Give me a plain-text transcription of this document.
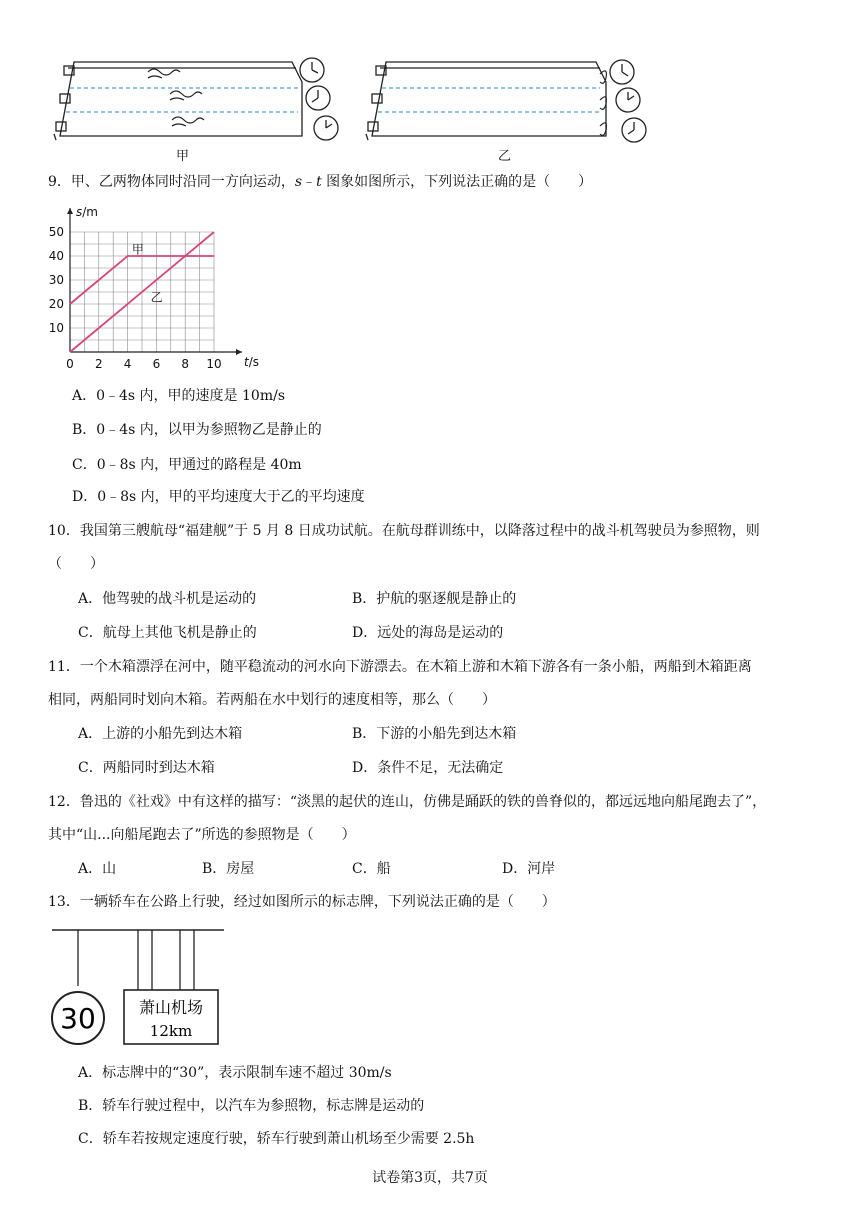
甲	乙
9．甲、乙两物体同时沿同一方向运动，s﹣t 图象如图所示，下列说法正确的是（　　）
0 2 4 6 8 10
10
20
30
40
50
s/m
t/s
甲
乙
A．0﹣4s 内，甲的速度是 10m/s
B．0﹣4s 内，以甲为参照物乙是静止的
C．0﹣8s 内，甲通过的路程是 40m
D．0﹣8s 内，甲的平均速度大于乙的平均速度
10．我国第三艘航母“福建舰”于 5 月 8 日成功试航。在航母群训练中，以降落过程中的战斗机驾驶员为参照物，则
（　　）
A．他驾驶的战斗机是运动的	B．护航的驱逐舰是静止的
C．航母上其他飞机是静止的	D．远处的海岛是运动的
11．一个木箱漂浮在河中，随平稳流动的河水向下游漂去。在木箱上游和木箱下游各有一条小船，两船到木箱距离
相同，两船同时划向木箱。若两船在水中划行的速度相等，那么（　　）
A．上游的小船先到达木箱	B．下游的小船先到达木箱
C．两船同时到达木箱	D．条件不足，无法确定
12．鲁迅的《社戏》中有这样的描写：“淡黑的起伏的连山，仿佛是踊跃的铁的兽脊似的，都远远地向船尾跑去了”，
其中“山...向船尾跑去了”所选的参照物是（　　）
A．山	B．房屋	C．船	D．河岸
13．一辆轿车在公路上行驶，经过如图所示的标志牌，下列说法正确的是（　　）
30	萧山机场
12km
A．标志牌中的“30”，表示限制车速不超过 30m/s
B．轿车行驶过程中，以汽车为参照物，标志牌是运动的
C．轿车若按规定速度行驶，轿车行驶到萧山机场至少需要 2.5h
试卷第3页，共7页
